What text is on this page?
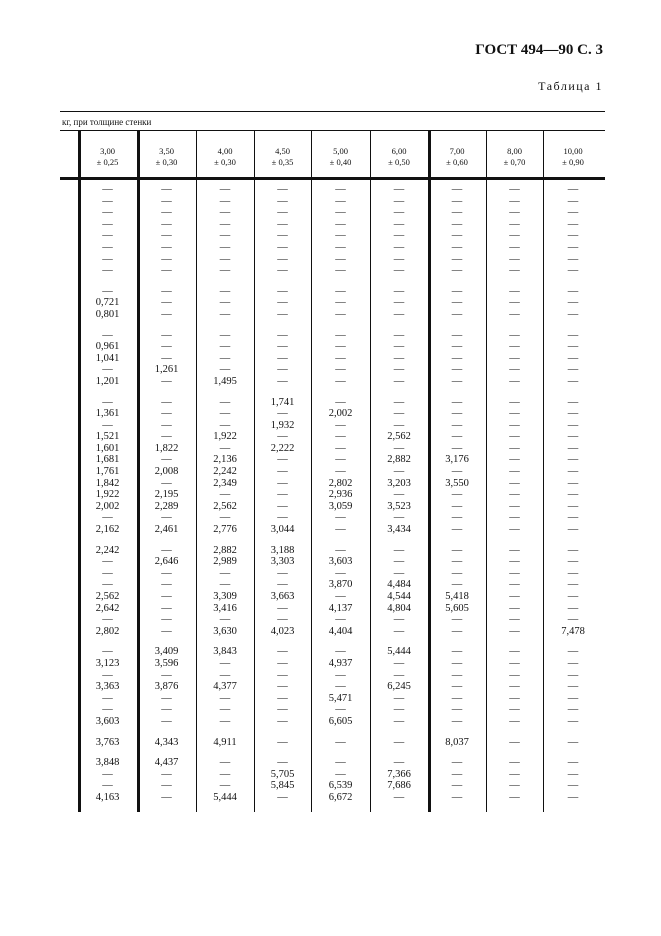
ГОСТ 494—90 С. 3
Таблица 1
кг, при толщине стенки
3,00
± 0,25
3,50
± 0,30
4,00
± 0,30
4,50
± 0,35
5,00
± 0,40
6,00
± 0,50
7,00
± 0,60
8,00
± 0,70
10,00
± 0,90
—	—	—	—	—	—	—	—	—
—	—	—	—	—	—	—	—	—
—	—	—	—	—	—	—	—	—
—	—	—	—	—	—	—	—	—
—	—	—	—	—	—	—	—	—
—	—	—	—	—	—	—	—	—
—	—	—	—	—	—	—	—	—
—	—	—	—	—	—	—	—	—
—	—	—	—	—	—	—	—	—
0,721	—	—	—	—	—	—	—	—
0,801	—	—	—	—	—	—	—	—
—	—	—	—	—	—	—	—	—
0,961	—	—	—	—	—	—	—	—
1,041	—	—	—	—	—	—	—	—
—	1,261	—	—	—	—	—	—	—
1,201	—	1,495	—	—	—	—	—	—
—	—	—	1,741	—	—	—	—	—
1,361	—	—	—	2,002	—	—	—	—
—	—	—	1,932	—	—	—	—	—
1,521	—	1,922	—	—	2,562	—	—	—
1,601	1,822	—	2,222	—	—	—	—	—
1,681	—	2,136	—	—	2,882	3,176	—	—
1,761	2,008	2,242	—	—	—	—	—	—
1,842	—	2,349	—	2,802	3,203	3,550	—	—
1,922	2,195	—	—	2,936	—	—	—	—
2,002	2,289	2,562	—	3,059	3,523	—	—	—
—	—	—	—	—	—	—	—	—
2,162	2,461	2,776	3,044	—	3,434	—	—	—
2,242	—	2,882	3,188	—	—	—	—	—
—	2,646	2,989	3,303	3,603	—	—	—	—
—	—	—	—	—	—	—	—	—
—	—	—	—	3,870	4,484	—	—	—
2,562	—	3,309	3,663	—	4,544	5,418	—	—
2,642	—	3,416	—	4,137	4,804	5,605	—	—
—	—	—	—	—	—	—	—	—
2,802	—	3,630	4,023	4,404	—	—	—	7,478
—	3,409	3,843	—	—	5,444	—	—	—
3,123	3,596	—	—	4,937	—	—	—	—
—	—	—	—	—	—	—	—	—
3,363	3,876	4,377	—	—	6,245	—	—	—
—	—	—	—	5,471	—	—	—	—
—	—	—	—	—	—	—	—	—
3,603	—	—	—	6,605	—	—	—	—
3,763	4,343	4,911	—	—	—	8,037	—	—
3,848	4,437	—	—	—	—	—	—	—
—	—	—	5,705	—	7,366	—	—	—
—	—	—	5,845	6,539	7,686	—	—	—
4,163	—	5,444	—	6,672	—	—	—	—
